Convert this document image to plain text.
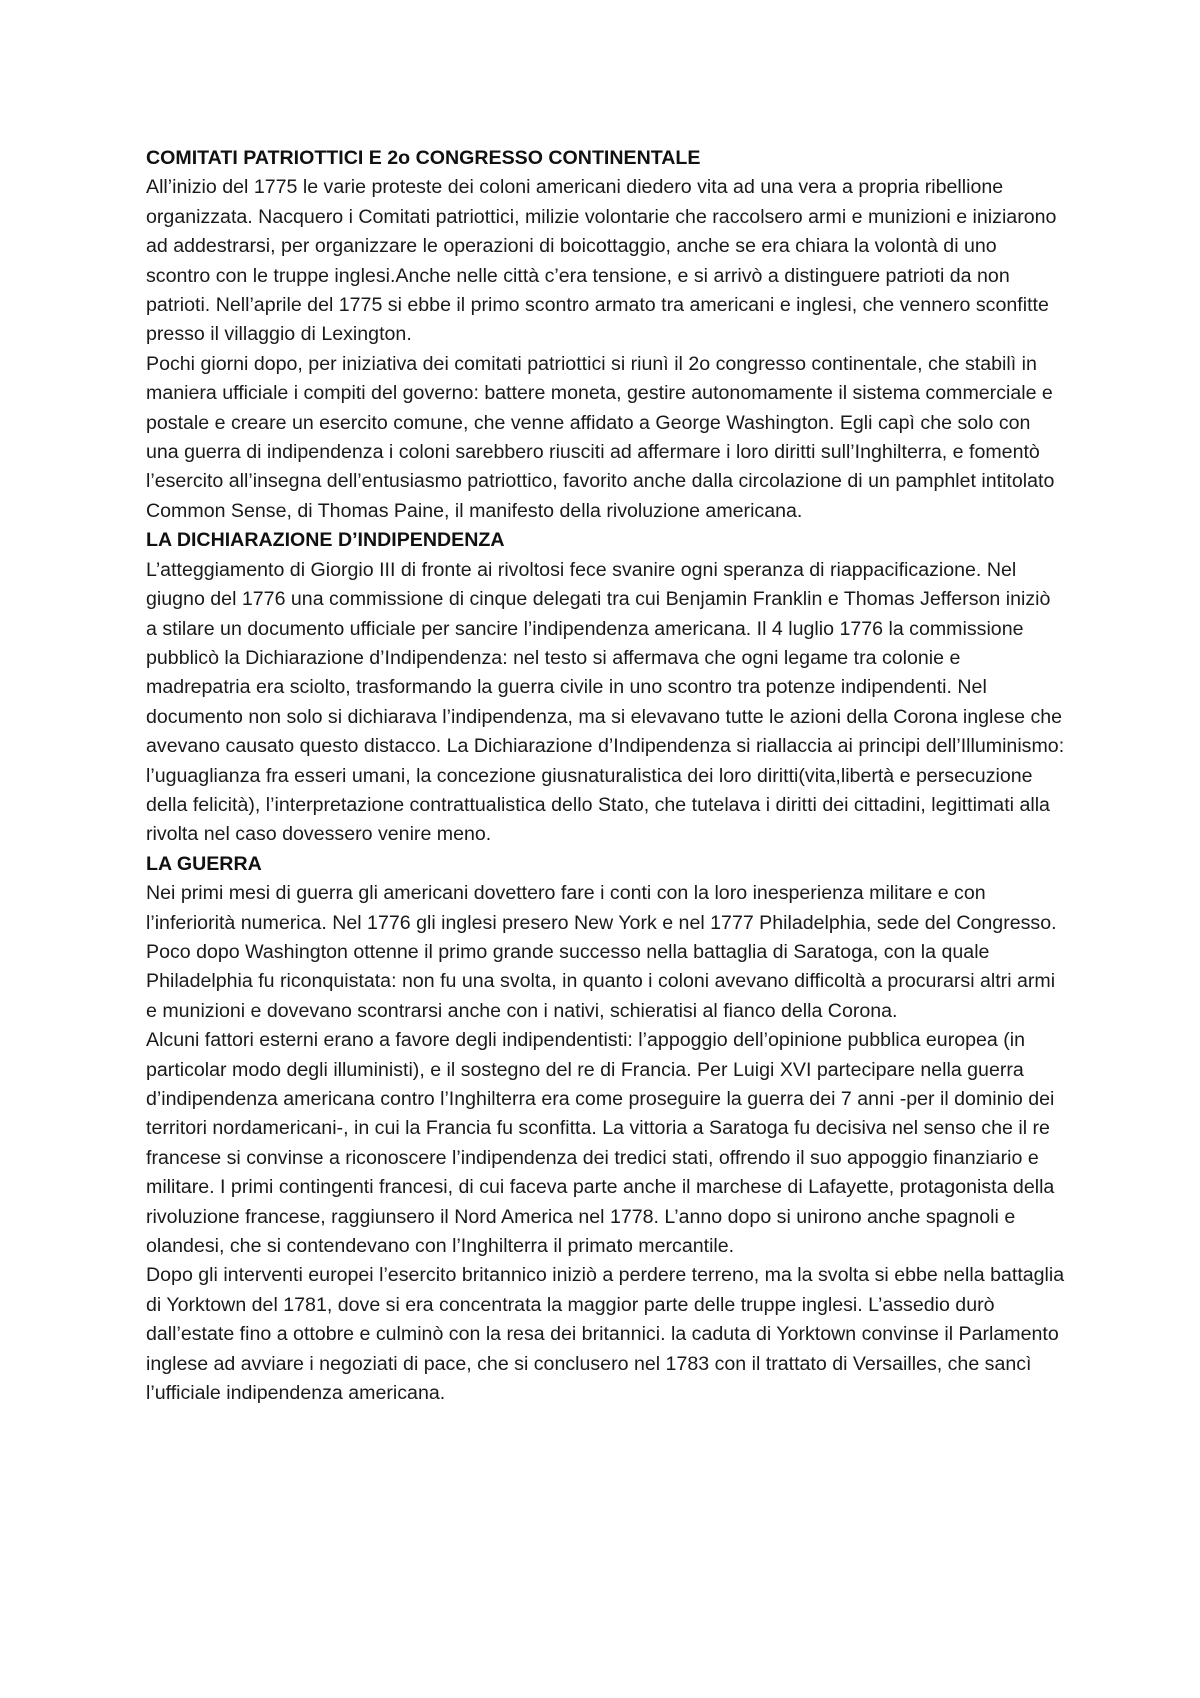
COMITATI PATRIOTTICI E 2o CONGRESSO CONTINENTALE

All’inizio del 1775 le varie proteste dei coloni americani diedero vita ad una vera a propria ribellione organizzata. Nacquero i Comitati patriottici, milizie volontarie che raccolsero armi e munizioni e iniziarono ad addestrarsi, per organizzare le operazioni di boicottaggio, anche se era chiara la volontà di uno scontro con le truppe inglesi.Anche nelle città c’era tensione, e si arrivò a distinguere patrioti da non patrioti. Nell’aprile del 1775 si ebbe il primo scontro armato tra americani e inglesi, che vennero sconfitte presso il villaggio di Lexington.

Pochi giorni dopo, per iniziativa dei comitati patriottici si riunì il 2o congresso continentale, che stabilì in maniera ufficiale i compiti del governo: battere moneta, gestire autonomamente il sistema commerciale e postale e creare un esercito comune, che venne affidato a George Washington. Egli capì che solo con una guerra di indipendenza i coloni sarebbero riusciti ad affermare i loro diritti sull’Inghilterra, e fomentò l’esercito all’insegna dell’entusiasmo patriottico, favorito anche dalla circolazione di un pamphlet intitolato Common Sense, di Thomas Paine, il manifesto della rivoluzione americana.

LA DICHIARAZIONE D’INDIPENDENZA

L’atteggiamento di Giorgio III di fronte ai rivoltosi fece svanire ogni speranza di riappacificazione. Nel giugno del 1776 una commissione di cinque delegati tra cui Benjamin Franklin e Thomas Jefferson iniziò a stilare un documento ufficiale per sancire l’indipendenza americana. Il 4 luglio 1776 la commissione pubblicò la Dichiarazione d’Indipendenza: nel testo si affermava che ogni legame tra colonie e madrepatria era sciolto, trasformando la guerra civile in uno scontro tra potenze indipendenti. Nel documento non solo si dichiarava l’indipendenza, ma si elevavano tutte le azioni della Corona inglese che avevano causato questo distacco. La Dichiarazione d’Indipendenza si riallaccia ai principi dell’Illuminismo: l’uguaglianza fra esseri umani, la concezione giusnaturalistica dei loro diritti(vita,libertà e persecuzione della felicità), l’interpretazione contrattualistica dello Stato, che tutelava i diritti dei cittadini, legittimati alla rivolta nel caso dovessero venire meno.

LA GUERRA

Nei primi mesi di guerra gli americani dovettero fare i conti con la loro inesperienza militare e con l’inferiorità numerica. Nel 1776 gli inglesi presero New York e nel 1777 Philadelphia, sede del Congresso. Poco dopo Washington ottenne il primo grande successo nella battaglia di Saratoga, con la quale Philadelphia fu riconquistata: non fu una svolta, in quanto i coloni avevano difficoltà a procurarsi altri armi e munizioni e dovevano scontrarsi anche con i nativi, schieratisi al fianco della Corona.

Alcuni fattori esterni erano a favore degli indipendentisti: l’appoggio dell’opinione pubblica europea (in particolar modo degli illuministi), e il sostegno del re di Francia. Per Luigi XVI partecipare nella guerra d’indipendenza americana contro l’Inghilterra era come proseguire la guerra dei 7 anni -per il dominio dei territori nordamericani-, in cui la Francia fu sconfitta. La vittoria a Saratoga fu decisiva nel senso che il re francese si convinse a riconoscere l’indipendenza dei tredici stati, offrendo il suo appoggio finanziario e militare. I primi contingenti francesi, di cui faceva parte anche il marchese di Lafayette, protagonista della rivoluzione francese, raggiunsero il Nord America nel 1778. L’anno dopo si unirono anche spagnoli e olandesi, che si contendevano con l’Inghilterra il primato mercantile.

Dopo gli interventi europei l’esercito britannico iniziò a perdere terreno, ma la svolta si ebbe nella battaglia di Yorktown del 1781, dove si era concentrata la maggior parte delle truppe inglesi. L’assedio durò dall’estate fino a ottobre e culminò con la resa dei britannici. la caduta di Yorktown convinse il Parlamento inglese ad avviare i negoziati di pace, che si conclusero nel 1783 con il trattato di Versailles, che sancì l’ufficiale indipendenza americana.
